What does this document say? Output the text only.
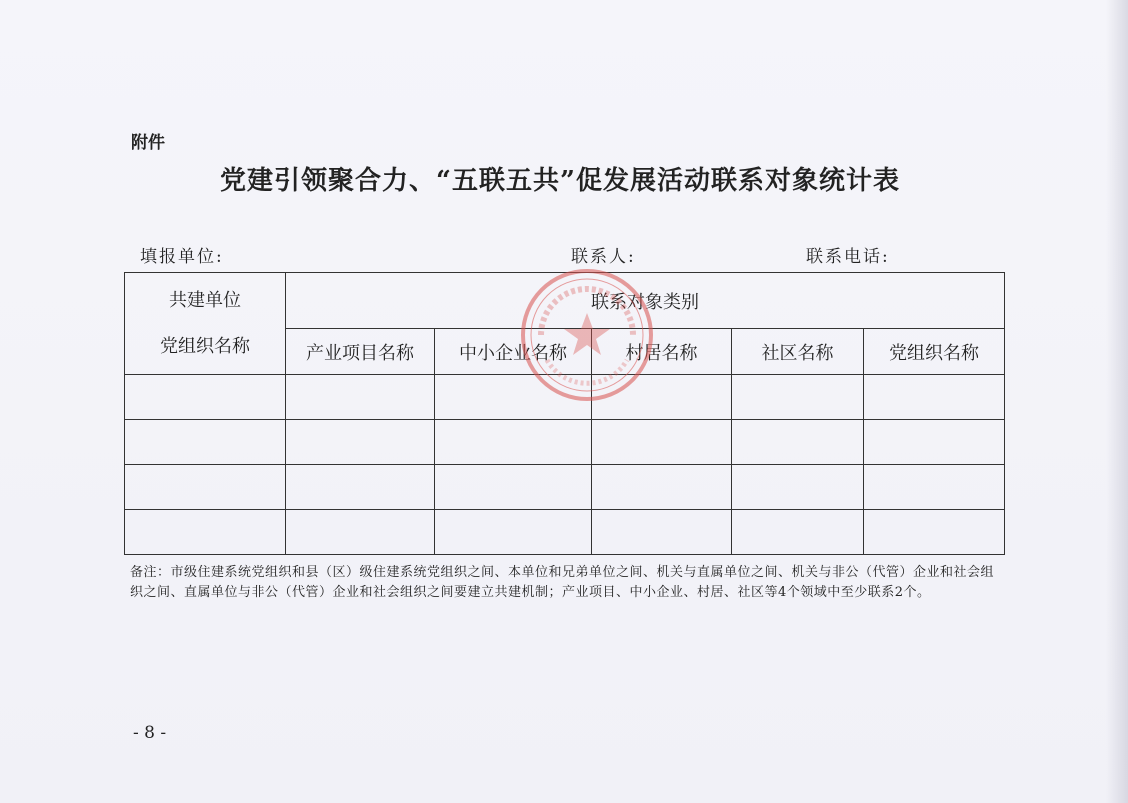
附件
党建引领聚合力、“五联五共”促发展活动联系对象统计表
填报单位:	联系人:	联系电话:
共建单位
党组织名称	联系对象类别				
	产业项目名称	中小企业名称	村居名称	社区名称	党组织名称

备注：市级住建系统党组织和县（区）级住建系统党组织之间、本单位和兄弟单位之间、机关与直属单位之间、机关与非公（代管）企业和社会组织之间、直属单位与非公（代管）企业和社会组织之间要建立共建机制；产业项目、中小企业、村居、社区等4个领域中至少联系2个。
- 8 -
